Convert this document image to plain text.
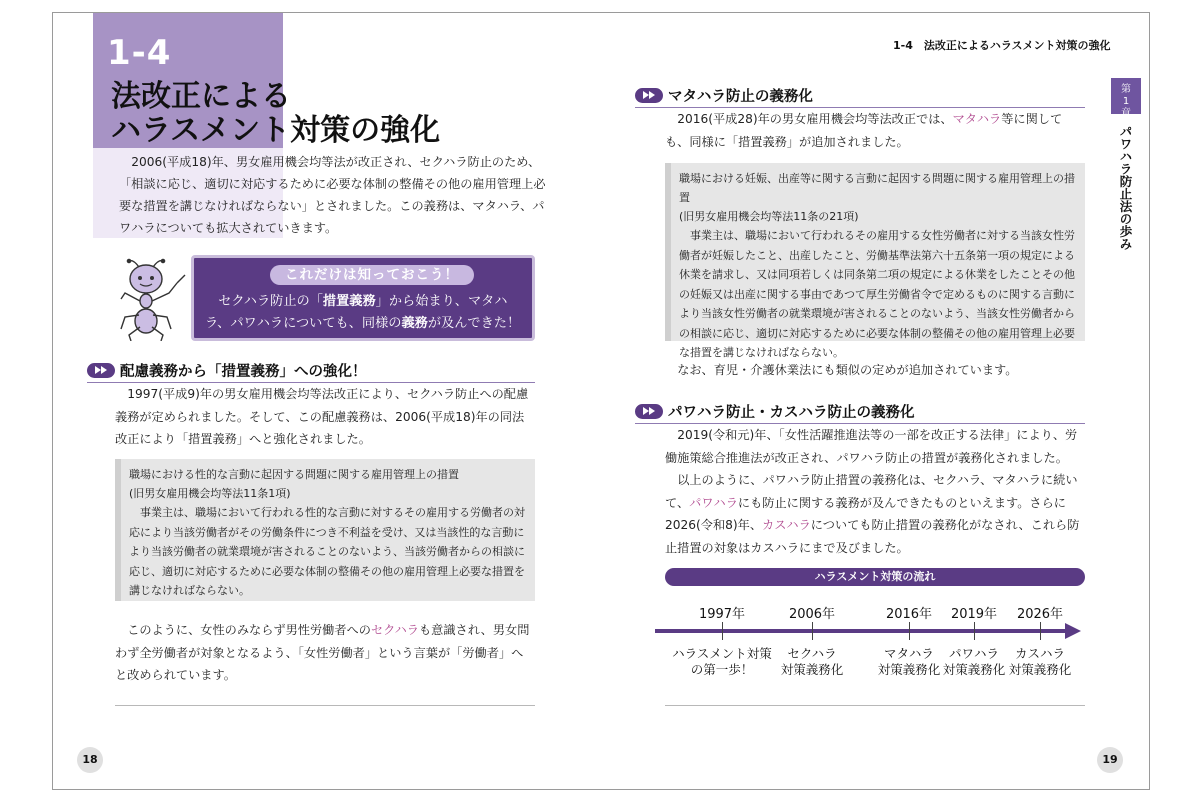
1-4
法改正による
ハラスメント対策の強化
2006(平成18)年、男女雇用機会均等法が改正され、セクハラ防止のため、「相談に応じ、適切に対応するために必要な体制の整備その他の雇用管理上必要な措置を講じなければならない」とされました。この義務は、マタハラ、パワハラについても拡大されていきます。
これだけは知っておこう！
セクハラ防止の「措置義務」から始まり、マタハラ、パワハラについても、同様の義務が及んできた！
配慮義務から「措置義務」への強化！
1997(平成9)年の男女雇用機会均等法改正により、セクハラ防止への配慮義務が定められました。そして、この配慮義務は、2006(平成18)年の同法改正により「措置義務」へと強化されました。
職場における性的な言動に起因する問題に関する雇用管理上の措置
(旧男女雇用機会均等法11条1項)
事業主は、職場において行われる性的な言動に対するその雇用する労働者の対応により当該労働者がその労働条件につき不利益を受け、又は当該性的な言動により当該労働者の就業環境が害されることのないよう、当該労働者からの相談に応じ、適切に対応するために必要な体制の整備その他の雇用管理上必要な措置を講じなければならない。
このように、女性のみならず男性労働者へのセクハラも意識され、男女問わず全労働者が対象となるよう、「女性労働者」という言葉が「労働者」へと改められています。
18
1-4　法改正によるハラスメント対策の強化
第
1
章
パワハラ防止法の歩み
マタハラ防止の義務化
2016(平成28)年の男女雇用機会均等法改正では、マタハラ等に関しても、同様に「措置義務」が追加されました。
職場における妊娠、出産等に関する言動に起因する問題に関する雇用管理上の措置
(旧男女雇用機会均等法11条の21項)
事業主は、職場において行われるその雇用する女性労働者に対する当該女性労働者が妊娠したこと、出産したこと、労働基準法第六十五条第一項の規定による休業を請求し、又は同項若しくは同条第二項の規定による休業をしたことその他の妊娠又は出産に関する事由であつて厚生労働省令で定めるものに関する言動により当該女性労働者の就業環境が害されることのないよう、当該女性労働者からの相談に応じ、適切に対応するために必要な体制の整備その他の雇用管理上必要な措置を講じなければならない。
なお、育児・介護休業法にも類似の定めが追加されています。
パワハラ防止・カスハラ防止の義務化
2019(令和元)年、「女性活躍推進法等の一部を改正する法律」により、労働施策総合推進法が改正され、パワハラ防止の措置が義務化されました。
以上のように、パワハラ防止措置の義務化は、セクハラ、マタハラに続いて、パワハラにも防止に関する義務が及んできたものといえます。さらに2026(令和8)年、カスハラについても防止措置の義務化がなされ、これら防止措置の対象はカスハラにまで及びました。
ハラスメント対策の流れ
1997年
ハラスメント対策
の第一歩！
2006年
セクハラ
対策義務化
2016年
マタハラ
対策義務化
2019年
パワハラ
対策義務化
2026年
カスハラ
対策義務化
19
